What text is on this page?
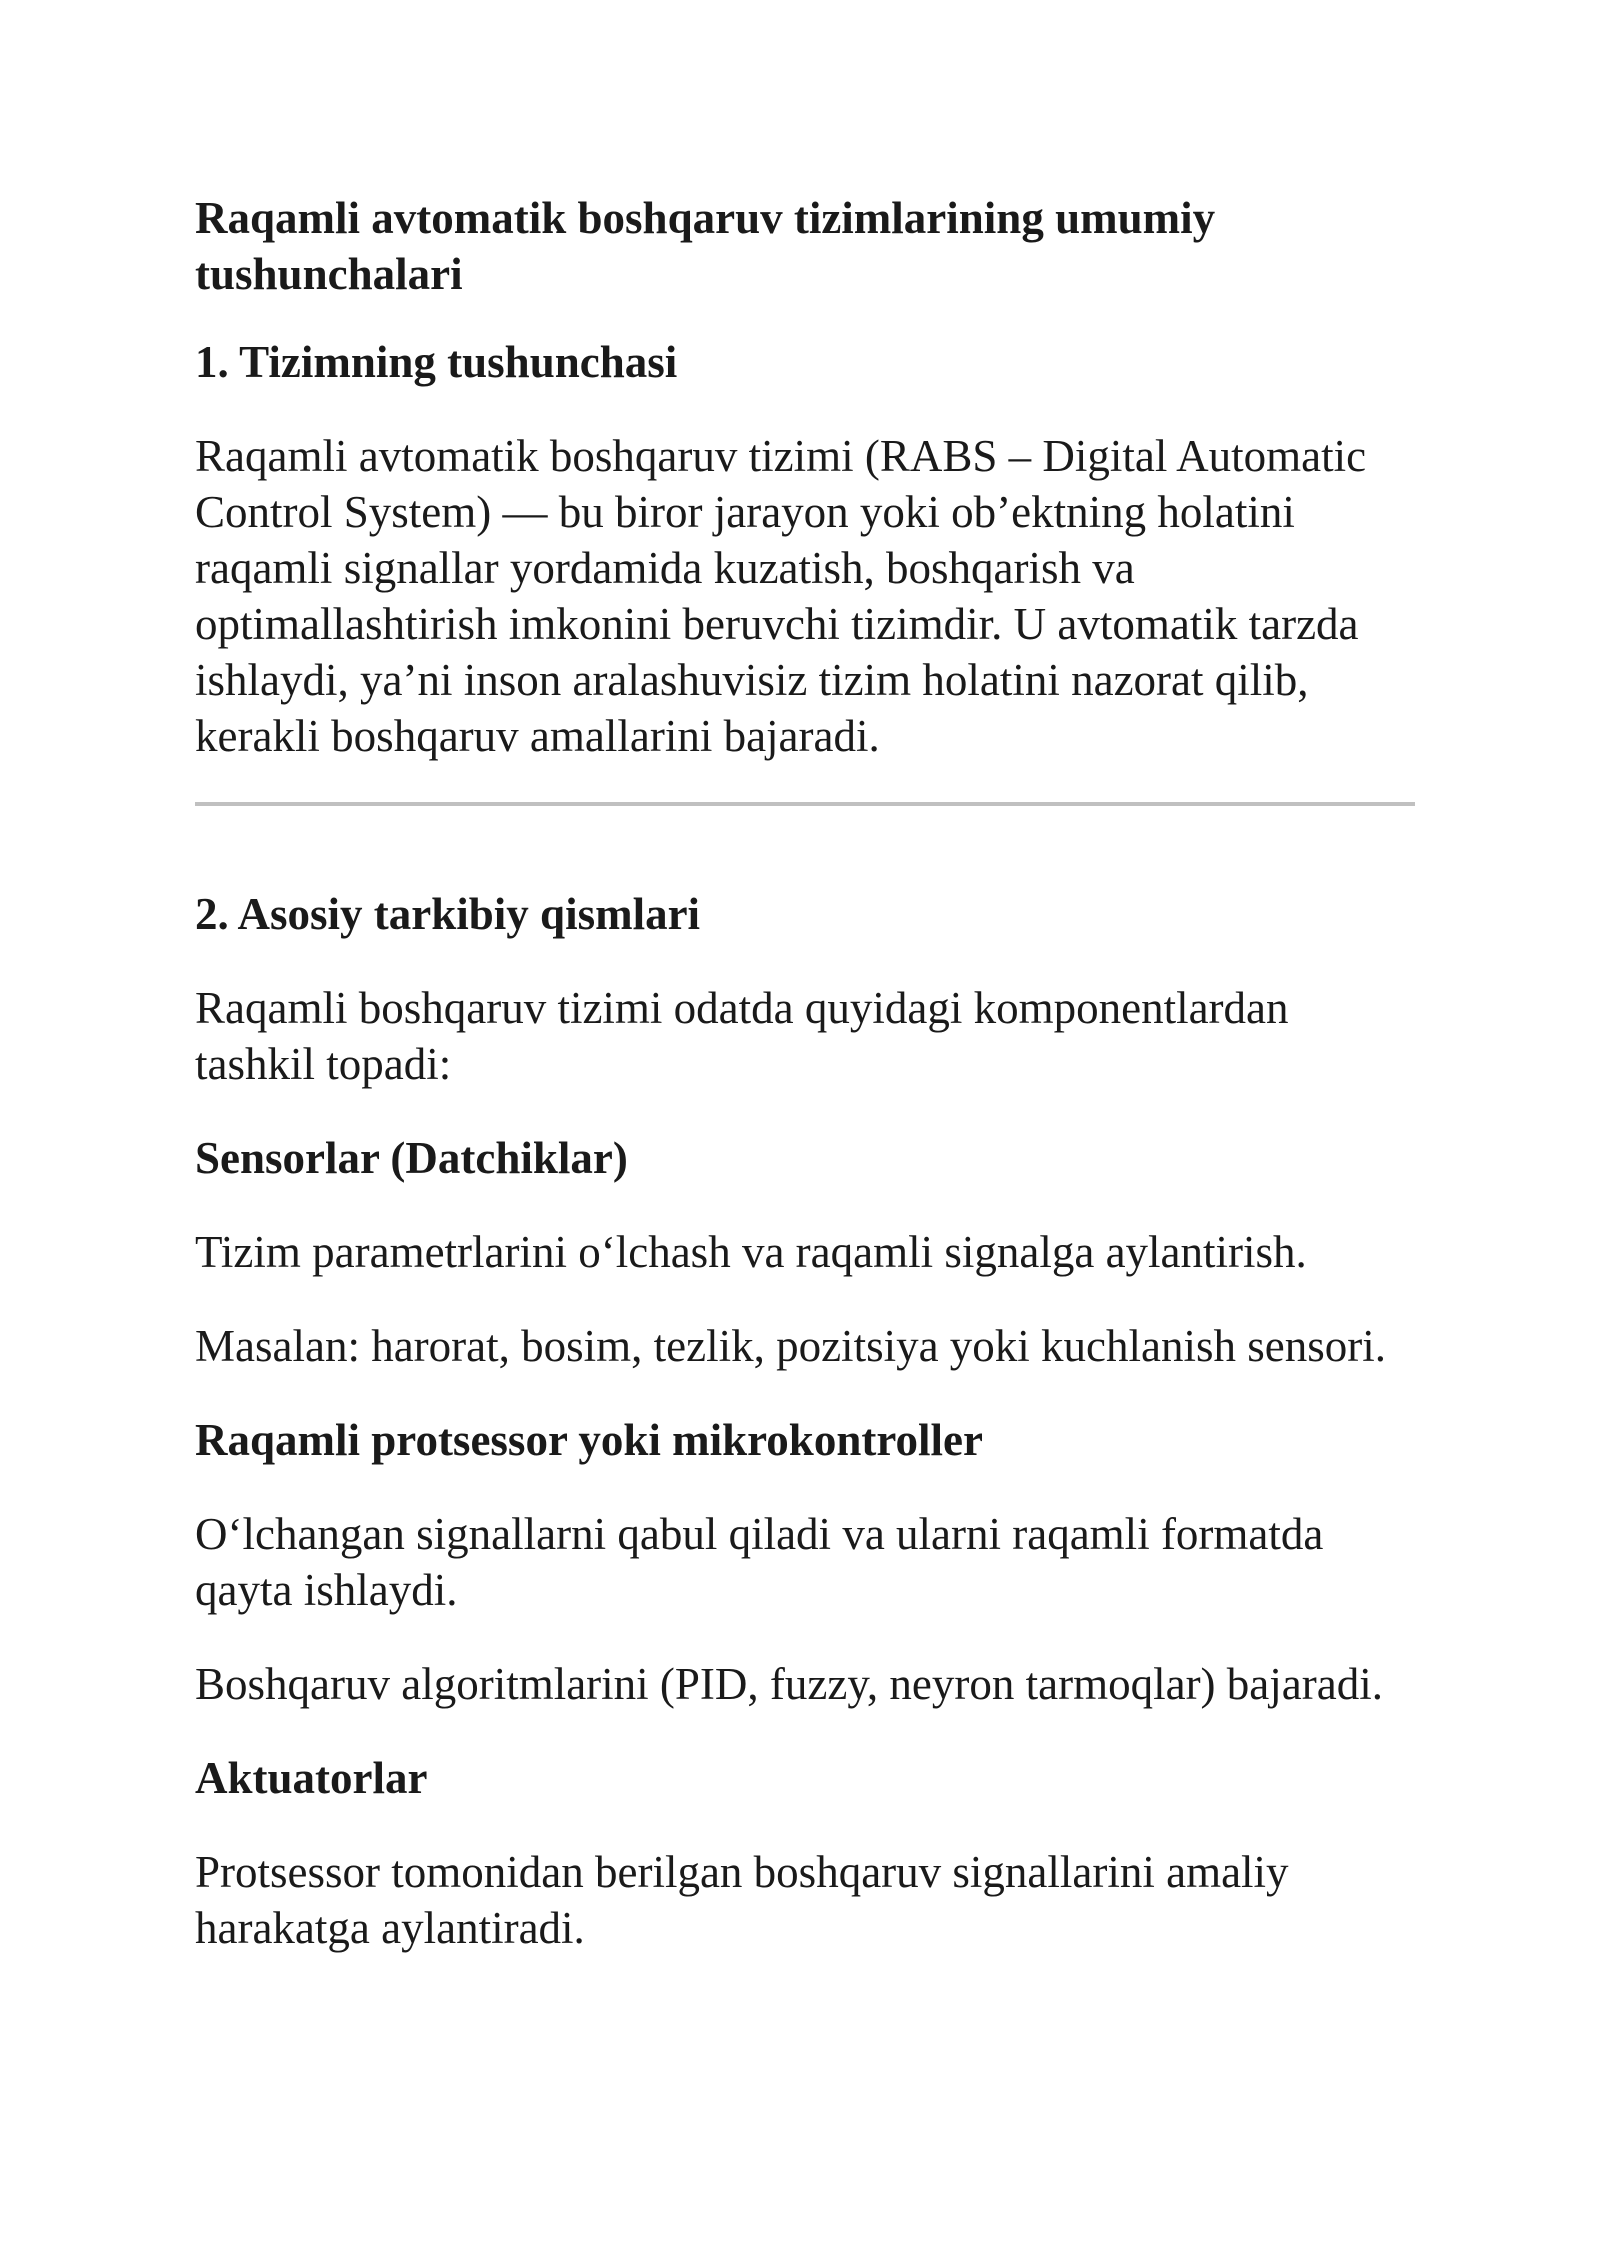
Raqamli avtomatik boshqaruv tizimlarining umumiy tushunchalari
1. Tizimning tushunchasi

Raqamli avtomatik boshqaruv tizimi (RABS – Digital Automatic Control System) — bu biror jarayon yoki ob’ektning holatini raqamli signallar yordamida kuzatish, boshqarish va optimallashtirish imkonini beruvchi tizimdir. U avtomatik tarzda ishlaydi, ya’ni inson aralashuvisiz tizim holatini nazorat qilib, kerakli boshqaruv amallarini bajaradi.

2. Asosiy tarkibiy qismlari

Raqamli boshqaruv tizimi odatda quyidagi komponentlardan tashkil topadi:

Sensorlar (Datchiklar)

Tizim parametrlarini o‘lchash va raqamli signalga aylantirish.

Masalan: harorat, bosim, tezlik, pozitsiya yoki kuchlanish sensori.

Raqamli protsessor yoki mikrokontroller

O‘lchangan signallarni qabul qiladi va ularni raqamli formatda qayta ishlaydi.

Boshqaruv algoritmlarini (PID, fuzzy, neyron tarmoqlar) bajaradi.

Aktuatorlar

Protsessor tomonidan berilgan boshqaruv signallarini amaliy harakatga aylantiradi.
